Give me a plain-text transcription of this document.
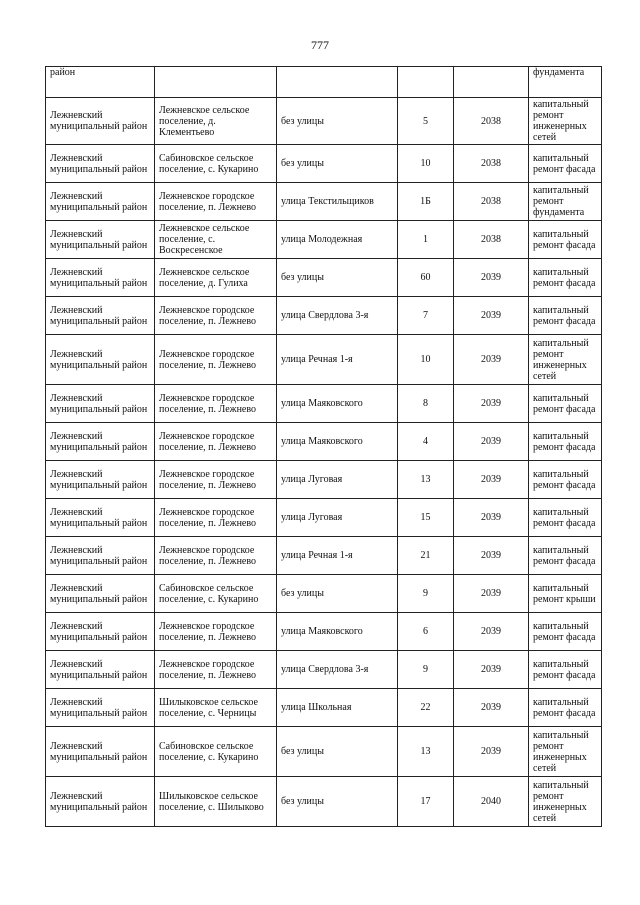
777
район					фундамента
Лежневский муниципальный район	Лежневское сельское поселение, д. Клементьево	без улицы	5	2038	капитальный ремонт инженерных сетей
Лежневский муниципальный район	Сабиновское сельское поселение, с. Кукарино	без улицы	10	2038	капитальный ремонт фасада
Лежневский муниципальный район	Лежневское городское поселение, п. Лежнево	улица Текстильщиков	1Б	2038	капитальный ремонт фундамента
Лежневский муниципальный район	Лежневское сельское поселение, с. Воскресенское	улица Молодежная	1	2038	капитальный ремонт фасада
Лежневский муниципальный район	Лежневское сельское поселение, д. Гулиха	без улицы	60	2039	капитальный ремонт фасада
Лежневский муниципальный район	Лежневское городское поселение, п. Лежнево	улица Свердлова 3-я	7	2039	капитальный ремонт фасада
Лежневский муниципальный район	Лежневское городское поселение, п. Лежнево	улица Речная 1-я	10	2039	капитальный ремонт инженерных сетей
Лежневский муниципальный район	Лежневское городское поселение, п. Лежнево	улица Маяковского	8	2039	капитальный ремонт фасада
Лежневский муниципальный район	Лежневское городское поселение, п. Лежнево	улица Маяковского	4	2039	капитальный ремонт фасада
Лежневский муниципальный район	Лежневское городское поселение, п. Лежнево	улица Луговая	13	2039	капитальный ремонт фасада
Лежневский муниципальный район	Лежневское городское поселение, п. Лежнево	улица Луговая	15	2039	капитальный ремонт фасада
Лежневский муниципальный район	Лежневское городское поселение, п. Лежнево	улица Речная 1-я	21	2039	капитальный ремонт фасада
Лежневский муниципальный район	Сабиновское сельское поселение, с. Кукарино	без улицы	9	2039	капитальный ремонт крыши
Лежневский муниципальный район	Лежневское городское поселение, п. Лежнево	улица Маяковского	6	2039	капитальный ремонт фасада
Лежневский муниципальный район	Лежневское городское поселение, п. Лежнево	улица Свердлова 3-я	9	2039	капитальный ремонт фасада
Лежневский муниципальный район	Шилыковское сельское поселение, с. Черницы	улица Школьная	22	2039	капитальный ремонт фасада
Лежневский муниципальный район	Сабиновское сельское поселение, с. Кукарино	без улицы	13	2039	капитальный ремонт инженерных сетей
Лежневский муниципальный район	Шилыковское сельское поселение, с. Шилыково	без улицы	17	2040	капитальный ремонт инженерных сетей
